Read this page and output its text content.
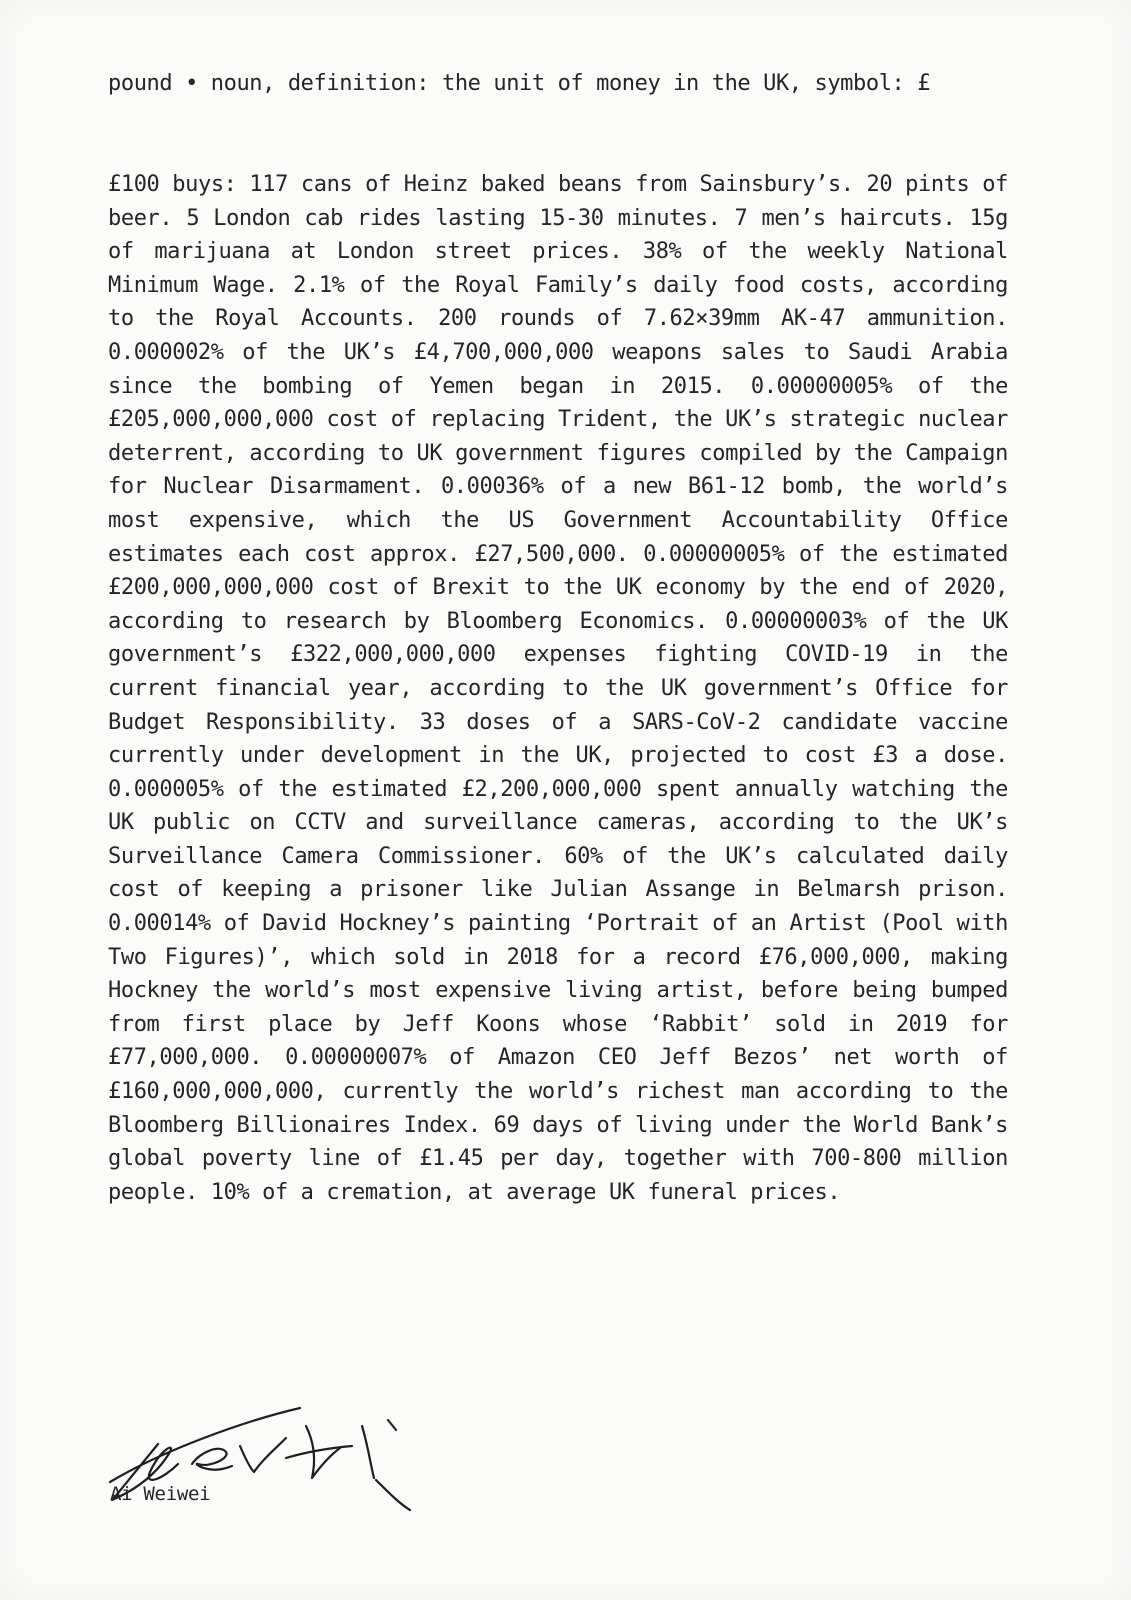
pound • noun, definition: the unit of money in the UK, symbol: £
£100 buys: 117 cans of Heinz baked beans from Sainsbury’s. 20 pints of beer. 5 London cab rides lasting 15-30 minutes. 7 men’s haircuts. 15g of marijuana at London street prices. 38% of the weekly National Minimum Wage. 2.1% of the Royal Family’s daily food costs, according to the Royal Accounts. 200 rounds of 7.62×39mm AK-47 ammunition. 0.000002% of the UK’s £4,700,000,000 weapons sales to Saudi Arabia since the bombing of Yemen began in 2015. 0.00000005% of the £205,000,000,000 cost of replacing Trident, the UK’s strategic nuclear deterrent, according to UK government figures compiled by the Campaign for Nuclear Disarmament. 0.00036% of a new B61-12 bomb, the world’s most expensive, which the US Government Accountability Office estimates each cost approx. £27,500,000. 0.00000005% of the estimated £200,000,000,000 cost of Brexit to the UK economy by the end of 2020, according to research by Bloomberg Economics. 0.00000003% of the UK government’s £322,000,000,000 expenses fighting COVID-19 in the current financial year, according to the UK government’s Office for Budget Responsibility. 33 doses of a SARS-CoV-2 candidate vaccine currently under development in the UK, projected to cost £3 a dose. 0.000005% of the estimated £2,200,000,000 spent annually watching the UK public on CCTV and surveillance cameras, according to the UK’s Surveillance Camera Commissioner. 60% of the UK’s calculated daily cost of keeping a prisoner like Julian Assange in Belmarsh prison. 0.00014% of David Hockney’s painting ‘Portrait of an Artist (Pool with Two Figures)’, which sold in 2018 for a record £76,000,000, making Hockney the world’s most expensive living artist, before being bumped from first place by Jeff Koons whose ‘Rabbit’ sold in 2019 for £77,000,000. 0.00000007% of Amazon CEO Jeff Bezos’ net worth of £160,000,000,000, currently the world’s richest man according to the Bloomberg Billionaires Index. 69 days of living under the World Bank’s global poverty line of £1.45 per day, together with 700-800 million people. 10% of a cremation, at average UK funeral prices.
Ai Weiwei
